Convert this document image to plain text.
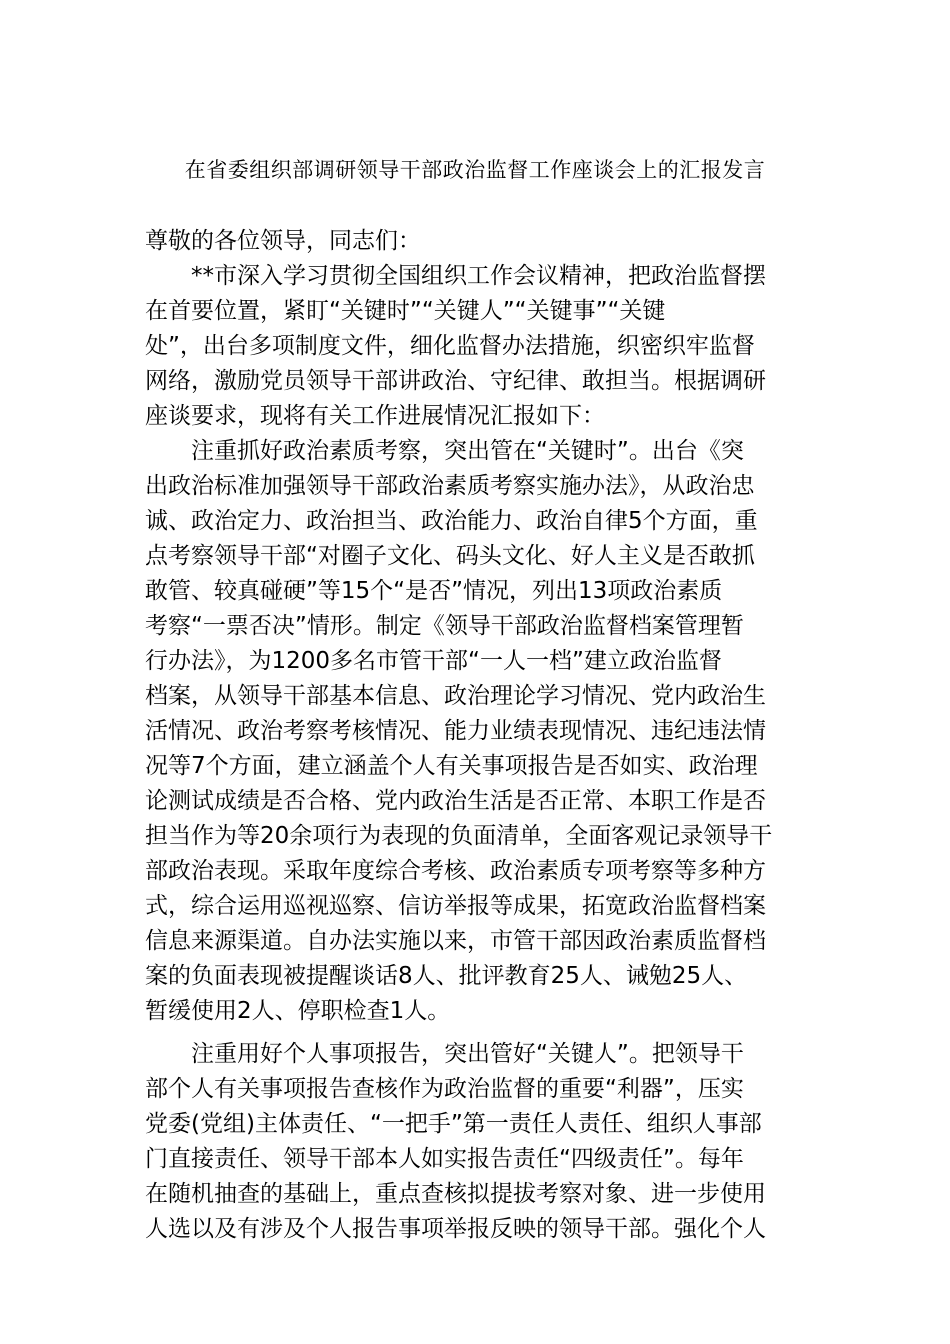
在省委组织部调研领导干部政治监督工作座谈会上的汇报发言
尊敬的各位领导，同志们：
**市深入学习贯彻全国组织工作会议精神，把政治监督摆
在首要位置，紧盯“关键时”“关键人”“关键事”“关键
处”，出台多项制度文件，细化监督办法措施，织密织牢监督
网络，激励党员领导干部讲政治、守纪律、敢担当。根据调研
座谈要求，现将有关工作进展情况汇报如下：
注重抓好政治素质考察，突出管在“关键时”。出台《突
出政治标准加强领导干部政治素质考察实施办法》，从政治忠
诚、政治定力、政治担当、政治能力、政治自律5个方面，重
点考察领导干部“对圈子文化、码头文化、好人主义是否敢抓
敢管、较真碰硬”等15个“是否”情况，列出13项政治素质
考察“一票否决”情形。制定《领导干部政治监督档案管理暂
行办法》，为1200多名市管干部“一人一档”建立政治监督
档案，从领导干部基本信息、政治理论学习情况、党内政治生
活情况、政治考察考核情况、能力业绩表现情况、违纪违法情
况等7个方面，建立涵盖个人有关事项报告是否如实、政治理
论测试成绩是否合格、党内政治生活是否正常、本职工作是否
担当作为等20余项行为表现的负面清单，全面客观记录领导干
部政治表现。采取年度综合考核、政治素质专项考察等多种方
式，综合运用巡视巡察、信访举报等成果，拓宽政治监督档案
信息来源渠道。自办法实施以来，市管干部因政治素质监督档
案的负面表现被提醒谈话8人、批评教育25人、诫勉25人、
暂缓使用2人、停职检查1人。
注重用好个人事项报告，突出管好“关键人”。把领导干
部个人有关事项报告查核作为政治监督的重要“利器”，压实
党委(党组)主体责任、“一把手”第一责任人责任、组织人事部
门直接责任、领导干部本人如实报告责任“四级责任”。每年
在随机抽查的基础上，重点查核拟提拔考察对象、进一步使用
人选以及有涉及个人报告事项举报反映的领导干部。强化个人
